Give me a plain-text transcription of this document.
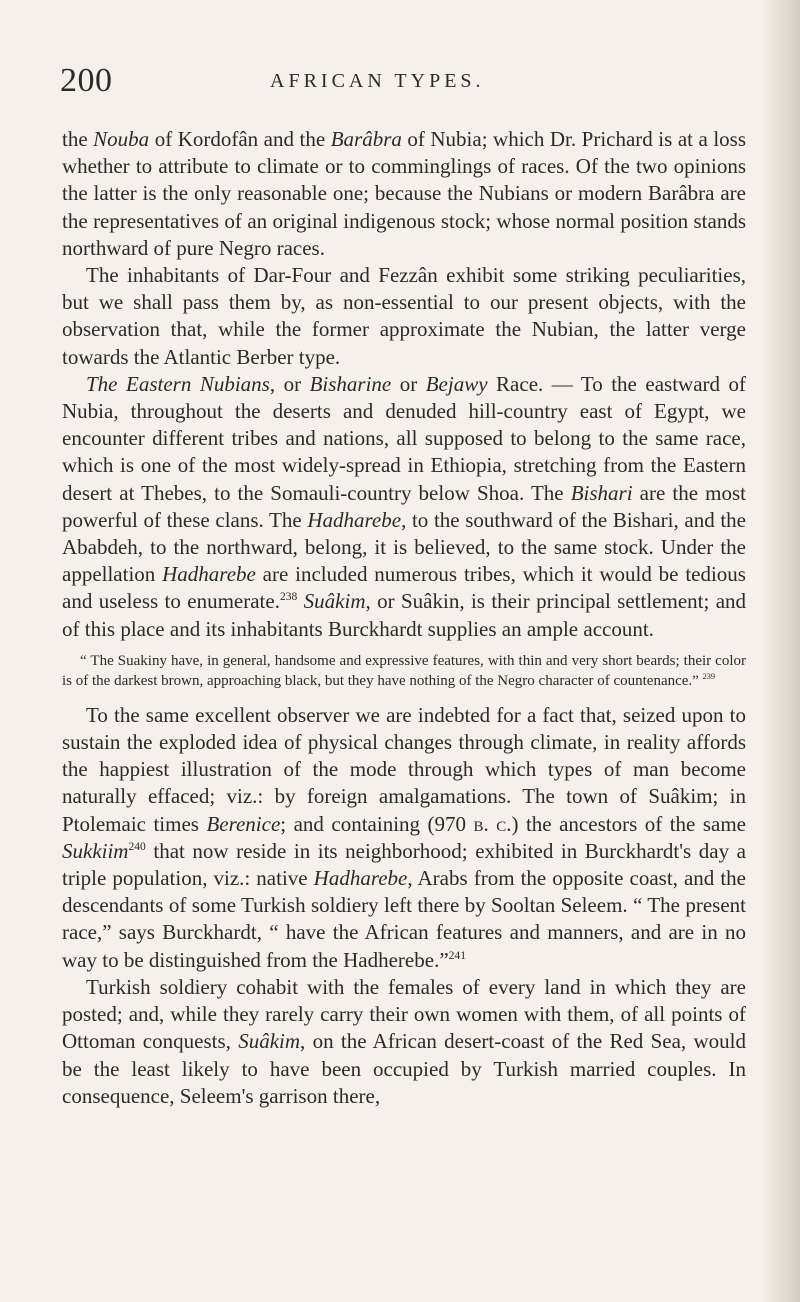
200	AFRICAN TYPES.

the Nouba of Kordofân and the Barâbra of Nubia; which Dr. Prichard is at a loss whether to attribute to climate or to comminglings of races. Of the two opinions the latter is the only reasonable one; because the Nubians or modern Barâbra are the representatives of an original indigenous stock; whose normal position stands northward of pure Negro races.

The inhabitants of Dar-Four and Fezzân exhibit some striking peculiarities, but we shall pass them by, as non-essential to our present objects, with the observation that, while the former approximate the Nubian, the latter verge towards the Atlantic Berber type.

The Eastern Nubians, or Bisharine or Bejawy Race. — To the eastward of Nubia, throughout the deserts and denuded hill-country east of Egypt, we encounter different tribes and nations, all supposed to belong to the same race, which is one of the most widely-spread in Ethiopia, stretching from the Eastern desert at Thebes, to the Somauli-country below Shoa. The Bishari are the most powerful of these clans. The Hadharebe, to the southward of the Bishari, and the Ababdeh, to the northward, belong, it is believed, to the same stock. Under the appellation Hadharebe are included numerous tribes, which it would be tedious and useless to enumerate.$^{238}$ Suâkim, or Suâkin, is their principal settlement; and of this place and its inhabitants Burckhardt supplies an ample account.

“ The Suakiny have, in general, handsome and expressive features, with thin and very short beards; their color is of the darkest brown, approaching black, but they have nothing of the Negro character of countenance.” $^{239}$

To the same excellent observer we are indebted for a fact that, seized upon to sustain the exploded idea of physical changes through climate, in reality affords the happiest illustration of the mode through which types of man become naturally effaced; viz.: by foreign amalgamations. The town of Suâkim; in Ptolemaic times Berenice; and containing (970 b. c.) the ancestors of the same Sukkiim$^{240}$ that now reside in its neighborhood; exhibited in Burckhardt's day a triple population, viz.: native Hadharebe, Arabs from the opposite coast, and the descendants of some Turkish soldiery left there by Sooltan Seleem. “ The present race,” says Burckhardt, “ have the African features and manners, and are in no way to be distinguished from the Hadherebe.”$^{241}$

Turkish soldiery cohabit with the females of every land in which they are posted; and, while they rarely carry their own women with them, of all points of Ottoman conquests, Suâkim, on the African desert-coast of the Red Sea, would be the least likely to have been occupied by Turkish married couples. In consequence, Seleem's garrison there,
